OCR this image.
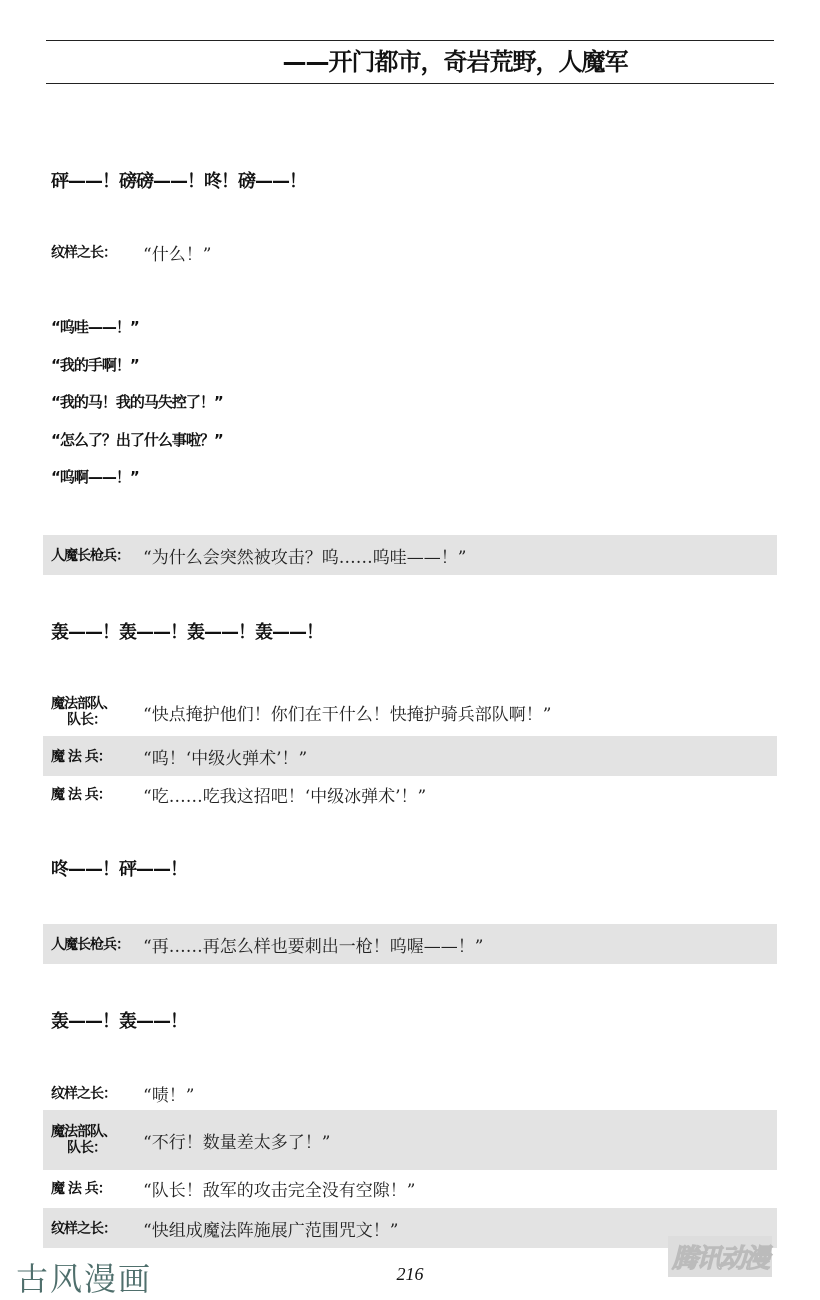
——开门都市，奇岩荒野，人魔军
砰——！磅磅——！咚！磅——！
纹样之长：	“什么！”
“呜哇——！”
“我的手啊！”
“我的马！我的马失控了！”
“怎么了？出了什么事啦？”
“呜啊——！”
人魔长枪兵： “为什么会突然被攻击？呜……呜哇——！”
轰——！轰——！轰——！轰——！
魔法部队、
队长：	“快点掩护他们！你们在干什么！快掩护骑兵部队啊！”
魔 法 兵：	“呜！‘中级火弹术’！”
魔 法 兵：	“吃……吃我这招吧！‘中级冰弹术’！”
咚——！砰——！
人魔长枪兵： “再……再怎么样也要刺出一枪！呜喔——！”
轰——！轰——！
纹样之长：	“啧！”
魔法部队、
队长：	“不行！数量差太多了！”
魔 法 兵：	“队长！敌军的攻击完全没有空隙！”
纹样之长：	“快组成魔法阵施展广范围咒文！”
古风漫画	216	腾讯动漫
